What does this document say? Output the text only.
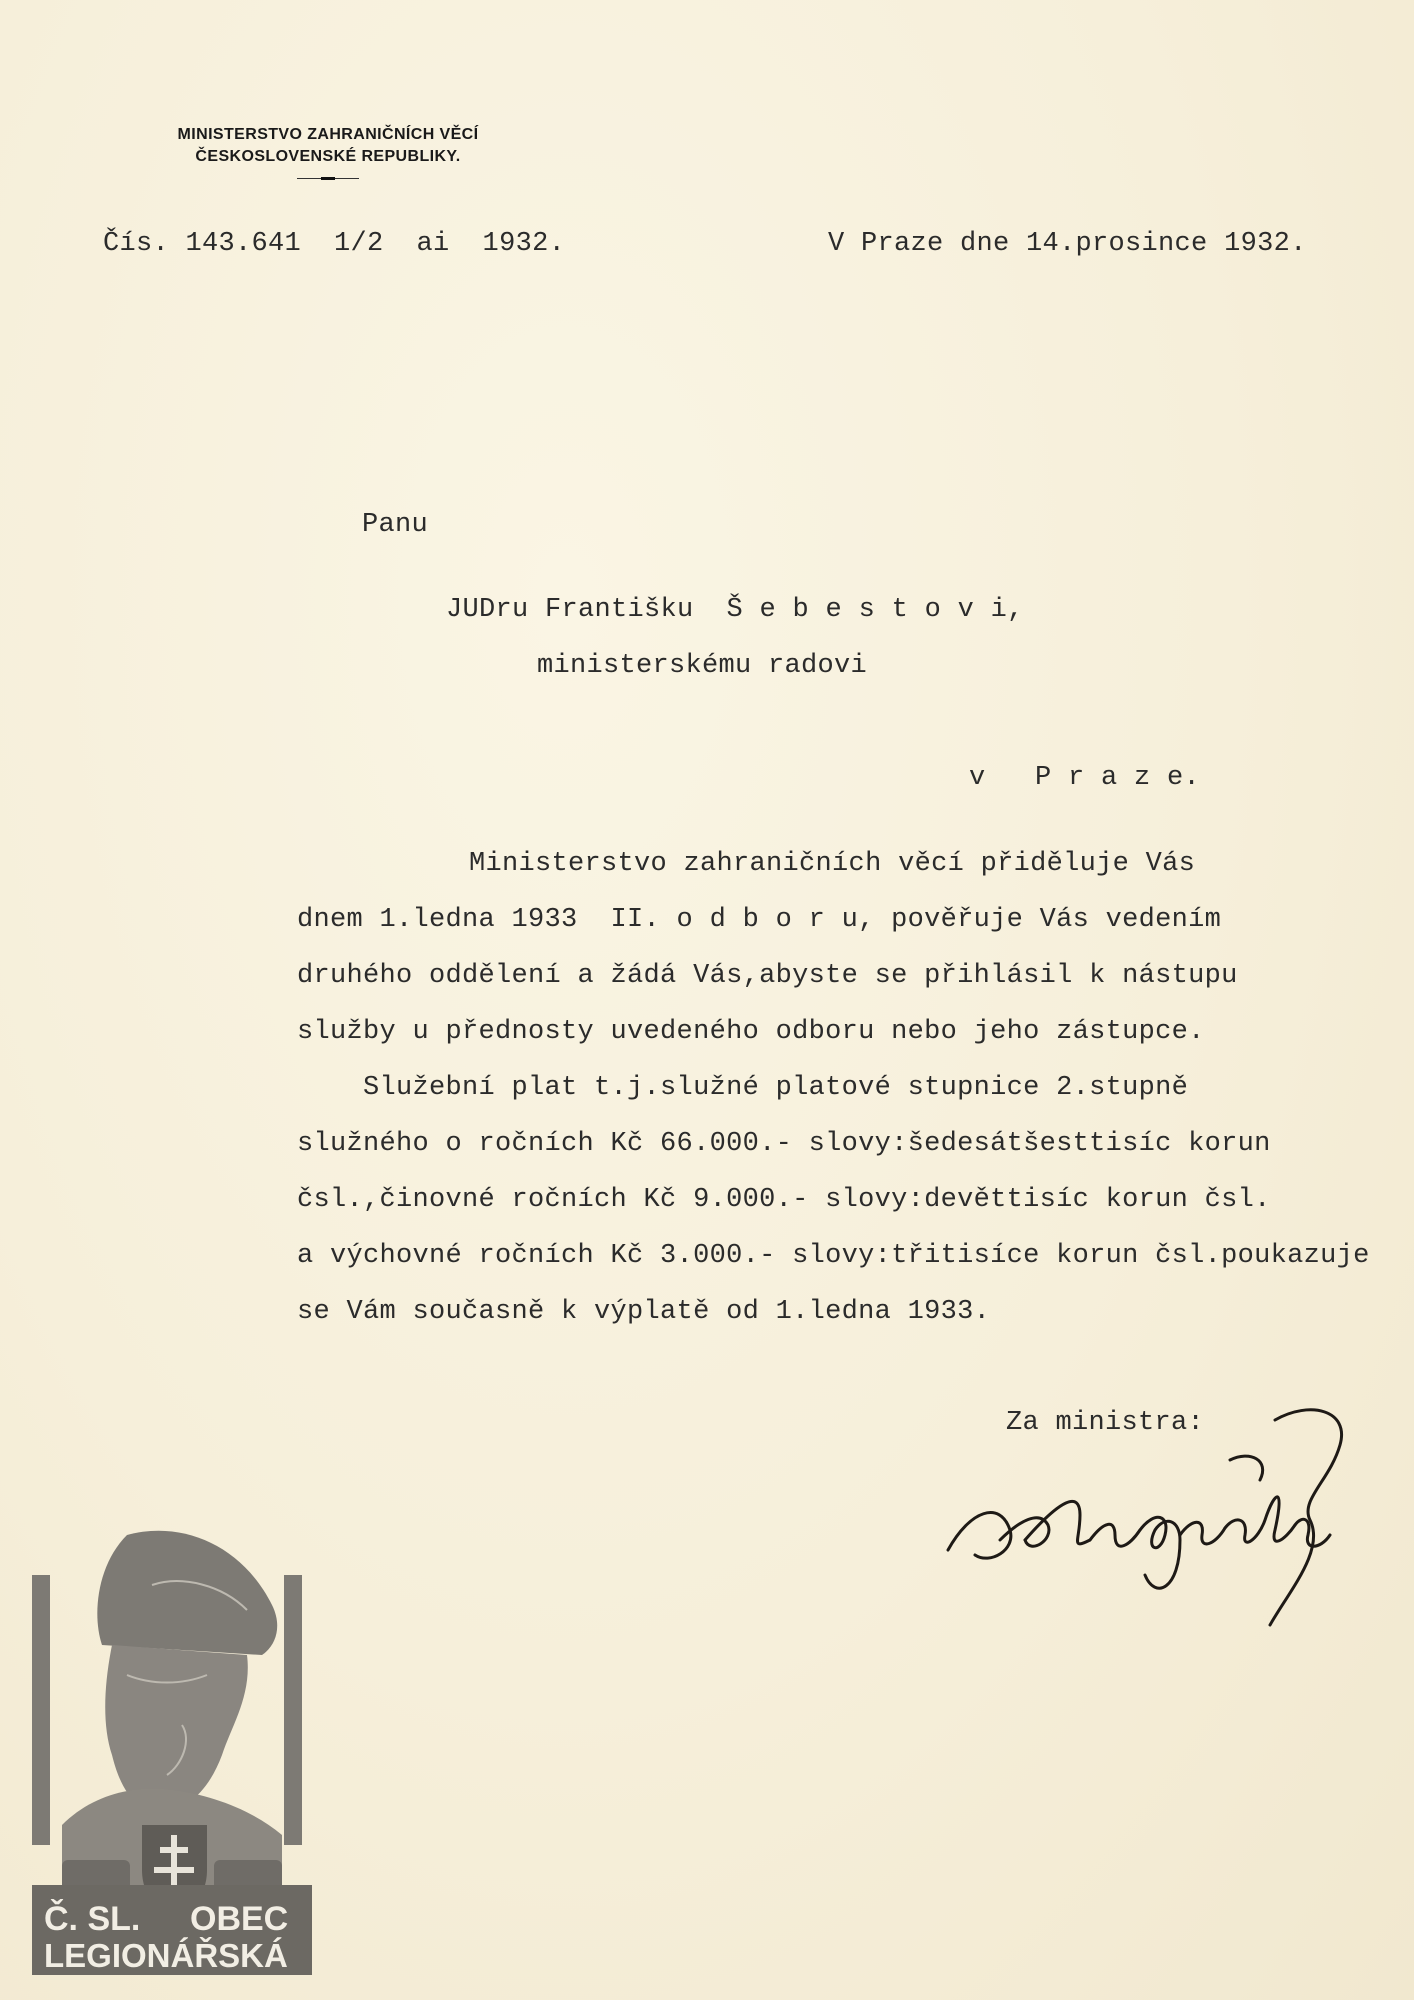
MINISTERSTVO ZAHRANIČNÍCH VĚCÍ
ČESKOSLOVENSKÉ REPUBLIKY.
Čís. 143.641  1/2  ai  1932.	V Praze dne 14.prosince 1932.
Panu
JUDru Františku  Š e b e s t o v i,
ministerskému radovi
v   P r a z e.
Ministerstvo zahraničních věcí přiděluje Vás
dnem 1.ledna 1933  II. o d b o r u, pověřuje Vás vedením
druhého oddělení a žádá Vás,abyste se přihlásil k nástupu
služby u přednosty uvedeného odboru nebo jeho zástupce.
Služební plat t.j.služné platové stupnice 2.stupně
služného o ročních Kč 66.000.- slovy:šedesátšesttisíc korun
čsl.,činovné ročních Kč 9.000.- slovy:devěttisíc korun čsl.
a výchovné ročních Kč 3.000.- slovy:třitisíce korun čsl.poukazuje
se Vám současně k výplatě od 1.ledna 1933.
Za ministra:
Č. SL. OBEC
LEGIONÁŘSKÁ
